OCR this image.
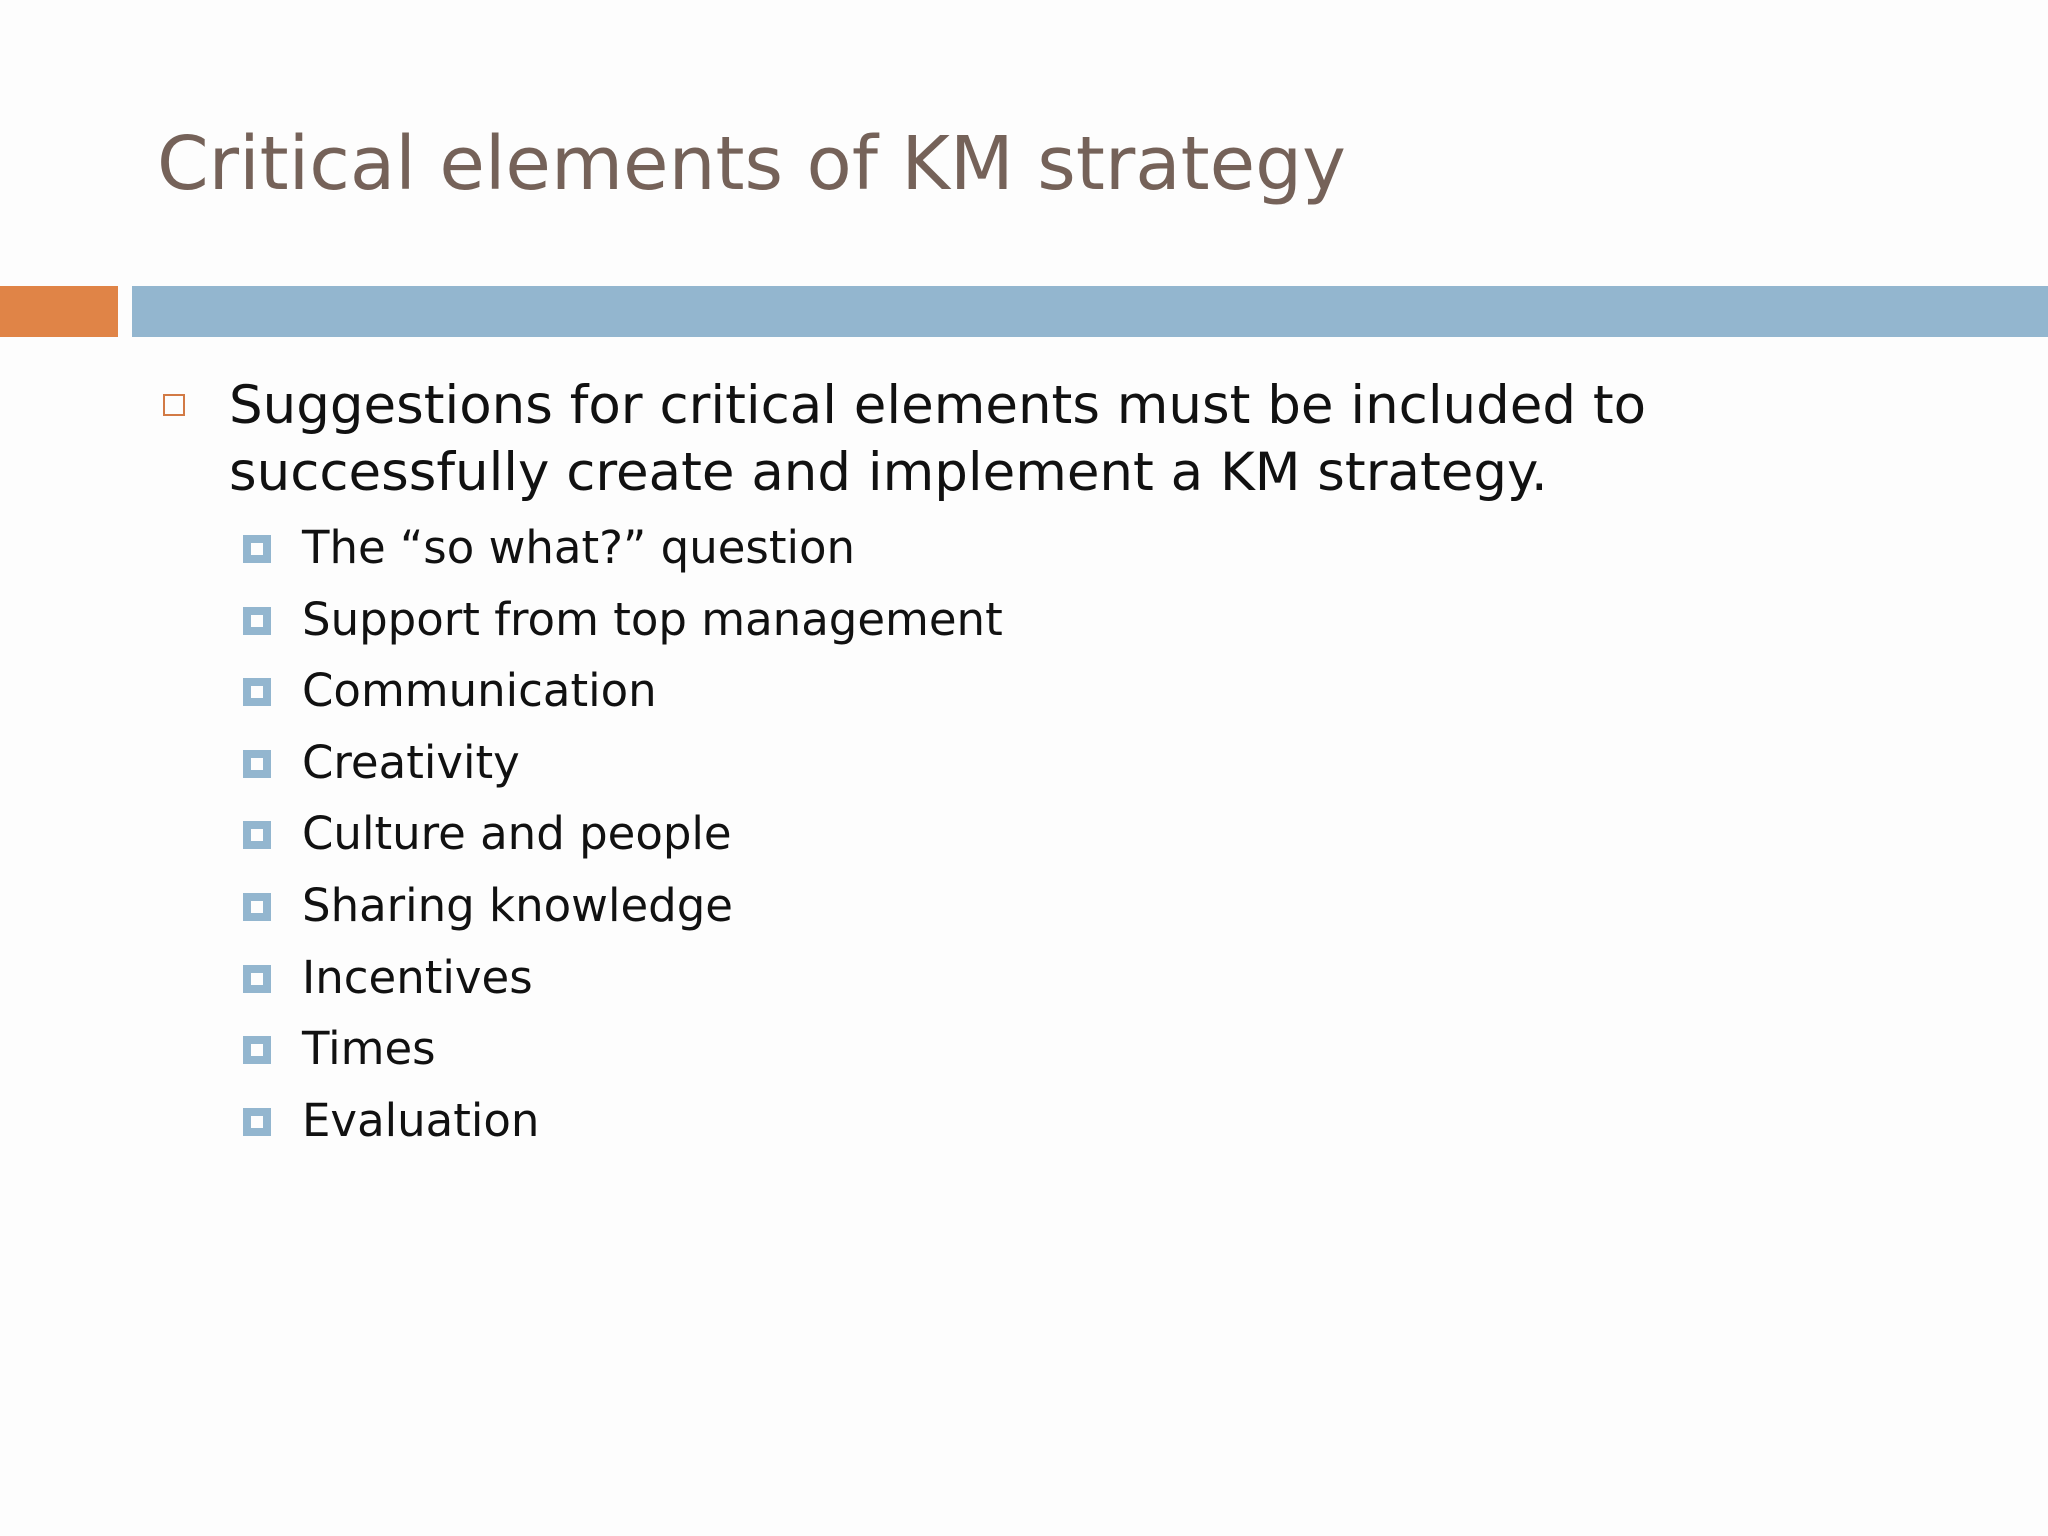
Critical elements of KM strategy
Suggestions for critical elements must be included to successfully create and implement a KM strategy.
The “so what?” question
Support from top management
Communication
Creativity
Culture and people
Sharing knowledge
Incentives
Times
Evaluation
